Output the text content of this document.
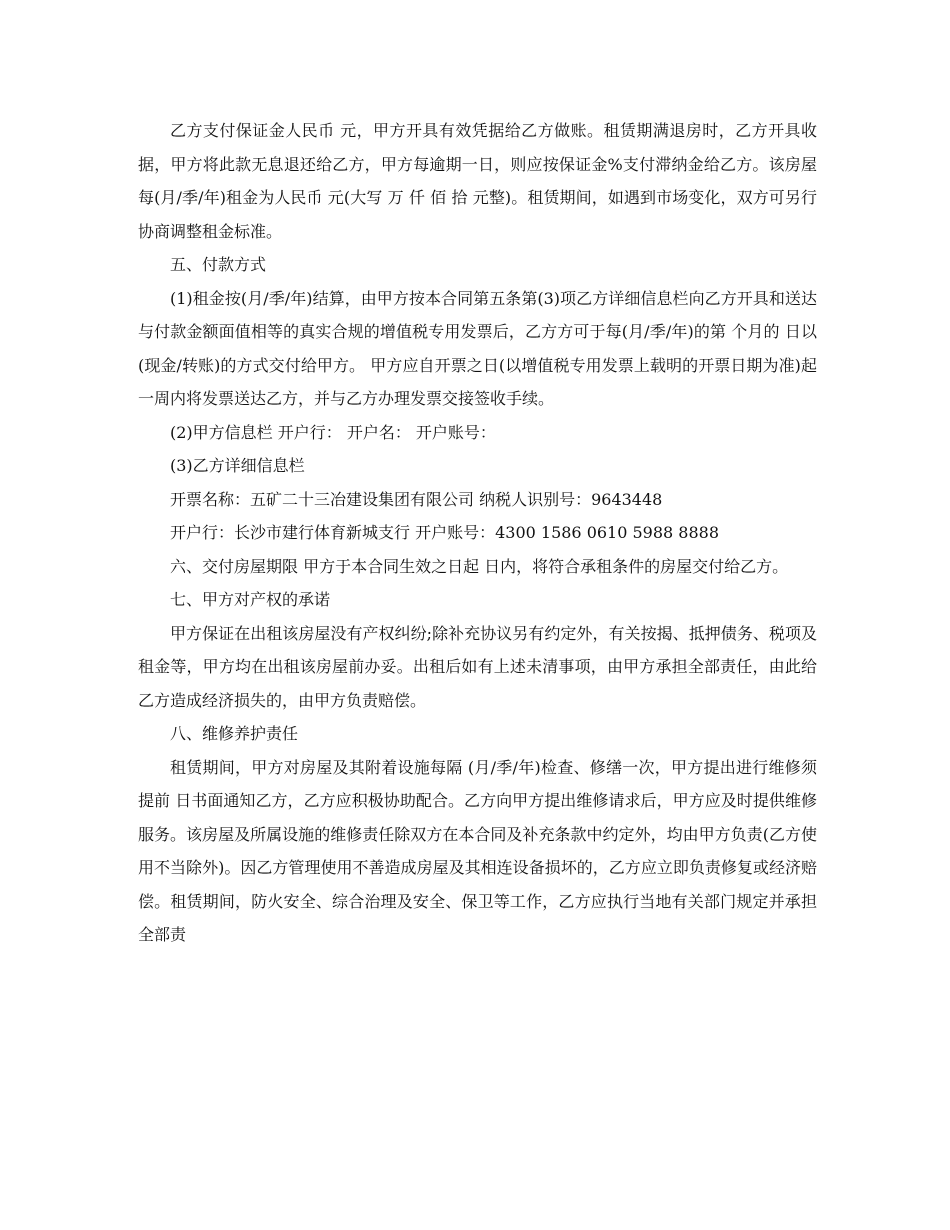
乙方支付保证金人民币 元，甲方开具有效凭据给乙方做账。租赁期满退房时，乙方开具收据，甲方将此款无息退还给乙方，甲方每逾期一日，则应按保证金%支付滞纳金给乙方。该房屋每(月/季/年)租金为人民币 元(大写 万 仟 佰 拾 元整)。租赁期间，如遇到市场变化，双方可另行协商调整租金标准。

五、付款方式

(1)租金按(月/季/年)结算，由甲方按本合同第五条第(3)项乙方详细信息栏向乙方开具和送达与付款金额面值相等的真实合规的增值税专用发票后，乙方方可于每(月/季/年)的第 个月的 日以(现金/转账)的方式交付给甲方。 甲方应自开票之日(以增值税专用发票上载明的开票日期为准)起一周内将发票送达乙方，并与乙方办理发票交接签收手续。

(2)甲方信息栏 开户行： 开户名： 开户账号：

(3)乙方详细信息栏

开票名称：五矿二十三冶建设集团有限公司 纳税人识别号：9643448

开户行：长沙市建行体育新城支行 开户账号：4300 1586 0610 5988 8888

六、交付房屋期限 甲方于本合同生效之日起 日内，将符合承租条件的房屋交付给乙方。

七、甲方对产权的承诺

甲方保证在出租该房屋没有产权纠纷;除补充协议另有约定外，有关按揭、抵押债务、税项及租金等，甲方均在出租该房屋前办妥。出租后如有上述未清事项，由甲方承担全部责任，由此给乙方造成经济损失的，由甲方负责赔偿。

八、维修养护责任

租赁期间，甲方对房屋及其附着设施每隔 (月/季/年)检查、修缮一次，甲方提出进行维修须提前 日书面通知乙方，乙方应积极协助配合。乙方向甲方提出维修请求后，甲方应及时提供维修服务。该房屋及所属设施的维修责任除双方在本合同及补充条款中约定外，均由甲方负责(乙方使用不当除外)。因乙方管理使用不善造成房屋及其相连设备损坏的，乙方应立即负责修复或经济赔偿。租赁期间，防火安全、综合治理及安全、保卫等工作，乙方应执行当地有关部门规定并承担全部责
